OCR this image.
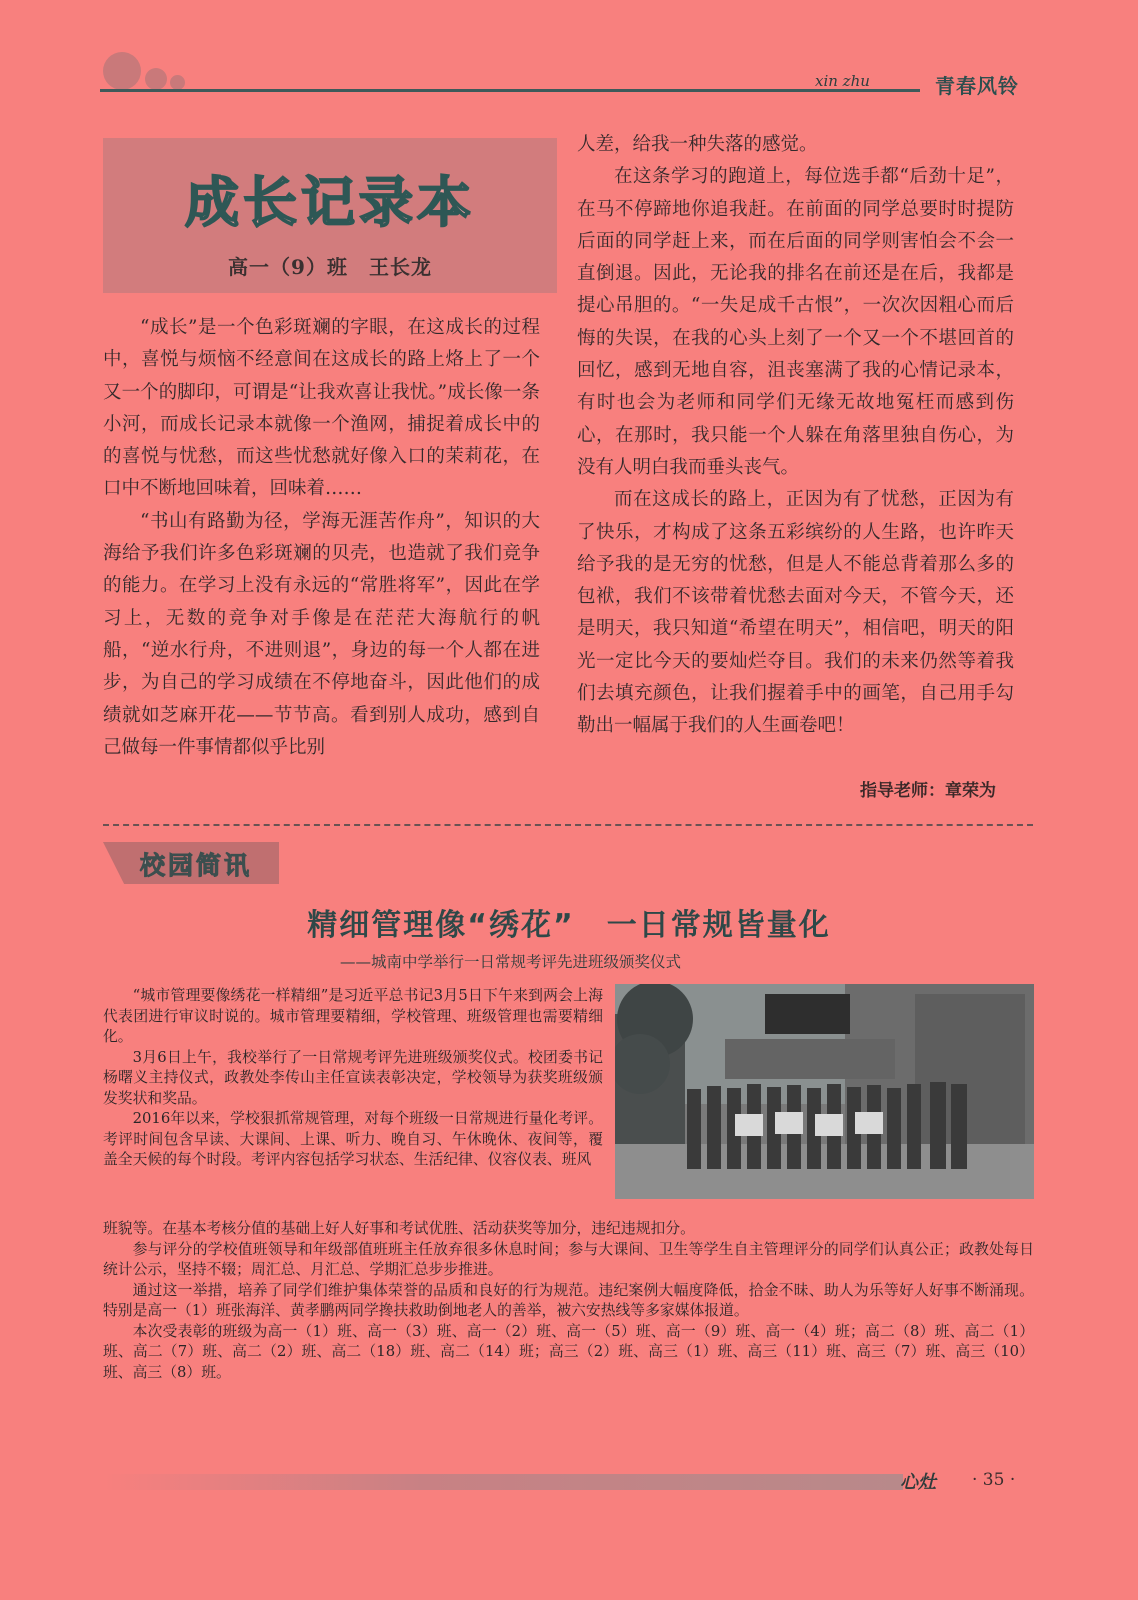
xin zhu	青春风铃
成长记录本
高一（9）班　王长龙

“成长”是一个色彩斑斓的字眼，在这成长的过程中，喜悦与烦恼不经意间在这成长的路上烙上了一个又一个的脚印，可谓是“让我欢喜让我忧。”成长像一条小河，而成长记录本就像一个渔网，捕捉着成长中的的喜悦与忧愁，而这些忧愁就好像入口的茉莉花，在口中不断地回味着，回味着……

“书山有路勤为径，学海无涯苦作舟”，知识的大海给予我们许多色彩斑斓的贝壳，也造就了我们竞争的能力。在学习上没有永远的“常胜将军”，因此在学习上，无数的竞争对手像是在茫茫大海航行的帆船，“逆水行舟，不进则退”，身边的每一个人都在进步，为自己的学习成绩在不停地奋斗，因此他们的成绩就如芝麻开花——节节高。看到别人成功，感到自己做每一件事情都似乎比别

人差，给我一种失落的感觉。

在这条学习的跑道上，每位选手都“后劲十足”，在马不停蹄地你追我赶。在前面的同学总要时时提防后面的同学赶上来，而在后面的同学则害怕会不会一直倒退。因此，无论我的排名在前还是在后，我都是提心吊胆的。“一失足成千古恨”，一次次因粗心而后悔的失误，在我的心头上刻了一个又一个不堪回首的回忆，感到无地自容，沮丧塞满了我的心情记录本，有时也会为老师和同学们无缘无故地冤枉而感到伤心，在那时，我只能一个人躲在角落里独自伤心，为没有人明白我而垂头丧气。

而在这成长的路上，正因为有了忧愁，正因为有了快乐，才构成了这条五彩缤纷的人生路，也许昨天给予我的是无穷的忧愁，但是人不能总背着那么多的包袱，我们不该带着忧愁去面对今天，不管今天，还是明天，我只知道“希望在明天”，相信吧，明天的阳光一定比今天的要灿烂夺目。我们的未来仍然等着我们去填充颜色，让我们握着手中的画笔，自己用手勾勒出一幅属于我们的人生画卷吧！

指导老师：章荣为
校园简讯
精细管理像“绣花”　一日常规皆量化
——城南中学举行一日常规考评先进班级颁奖仪式

“城市管理要像绣花一样精细”是习近平总书记3月5日下午来到两会上海代表团进行审议时说的。城市管理要精细，学校管理、班级管理也需要精细化。

3月6日上午，我校举行了一日常规考评先进班级颁奖仪式。校团委书记杨曙义主持仪式，政教处李传山主任宣读表彰决定，学校领导为获奖班级颁发奖状和奖品。

2016年以来，学校狠抓常规管理，对每个班级一日常规进行量化考评。考评时间包含早读、大课间、上课、听力、晚自习、午休晚休、夜间等，覆盖全天候的每个时段。考评内容包括学习状态、生活纪律、仪容仪表、班风

班貌等。在基本考核分值的基础上好人好事和考试优胜、活动获奖等加分，违纪违规扣分。

参与评分的学校值班领导和年级部值班班主任放弃很多休息时间；参与大课间、卫生等学生自主管理评分的同学们认真公正；政教处每日统计公示，坚持不辍；周汇总、月汇总、学期汇总步步推进。

通过这一举措，培养了同学们维护集体荣誉的品质和良好的行为规范。违纪案例大幅度降低，拾金不昧、助人为乐等好人好事不断涌现。特别是高一（1）班张海洋、黄孝鹏两同学搀扶救助倒地老人的善举，被六安热线等多家媒体报道。

本次受表彰的班级为高一（1）班、高一（3）班、高一（2）班、高一（5）班、高一（9）班、高一（4）班；高二（8）班、高二（1）班、高二（7）班、高二（2）班、高二（18）班、高二（14）班；高三（2）班、高三（1）班、高三（11）班、高三（7）班、高三（10）班、高三（8）班。

心灶 · 35 ·
